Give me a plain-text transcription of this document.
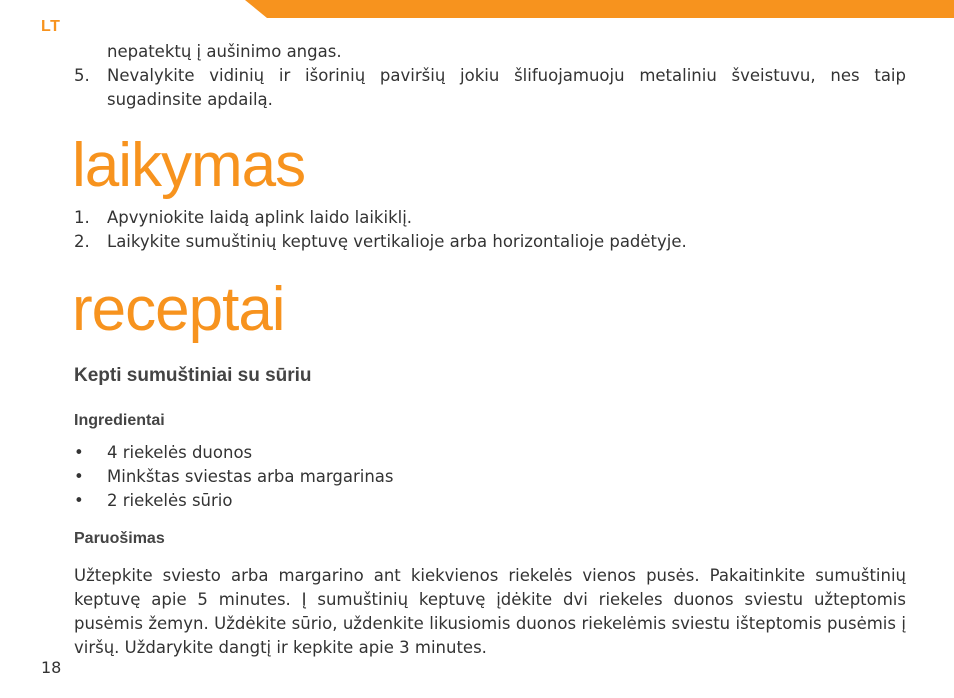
LT
nepatektų į aušinimo angas.
5. Nevalykite vidinių ir išorinių paviršių jokiu šlifuojamuoju metaliniu šveistuvu, nes taip sugadinsite apdailą.
laikymas
1. Apvyniokite laidą aplink laido laikiklį.
2. Laikykite sumuštinių keptuvę vertikalioje arba horizontalioje padėtyje.
receptai
Kepti sumuštiniai su sūriu
Ingredientai
• 4 riekelės duonos
• Minkštas sviestas arba margarinas
• 2 riekelės sūrio
Paruošimas
Užtepkite sviesto arba margarino ant kiekvienos riekelės vienos pusės. Pakaitinkite sumuštinių keptuvę apie 5 minutes. Į sumuštinių keptuvę įdėkite dvi riekeles duonos sviestu užteptomis pusėmis žemyn. Uždėkite sūrio, uždenkite likusiomis duonos riekelėmis sviestu išteptomis pusėmis į viršų. Uždarykite dangtį ir kepkite apie 3 minutes.
18
